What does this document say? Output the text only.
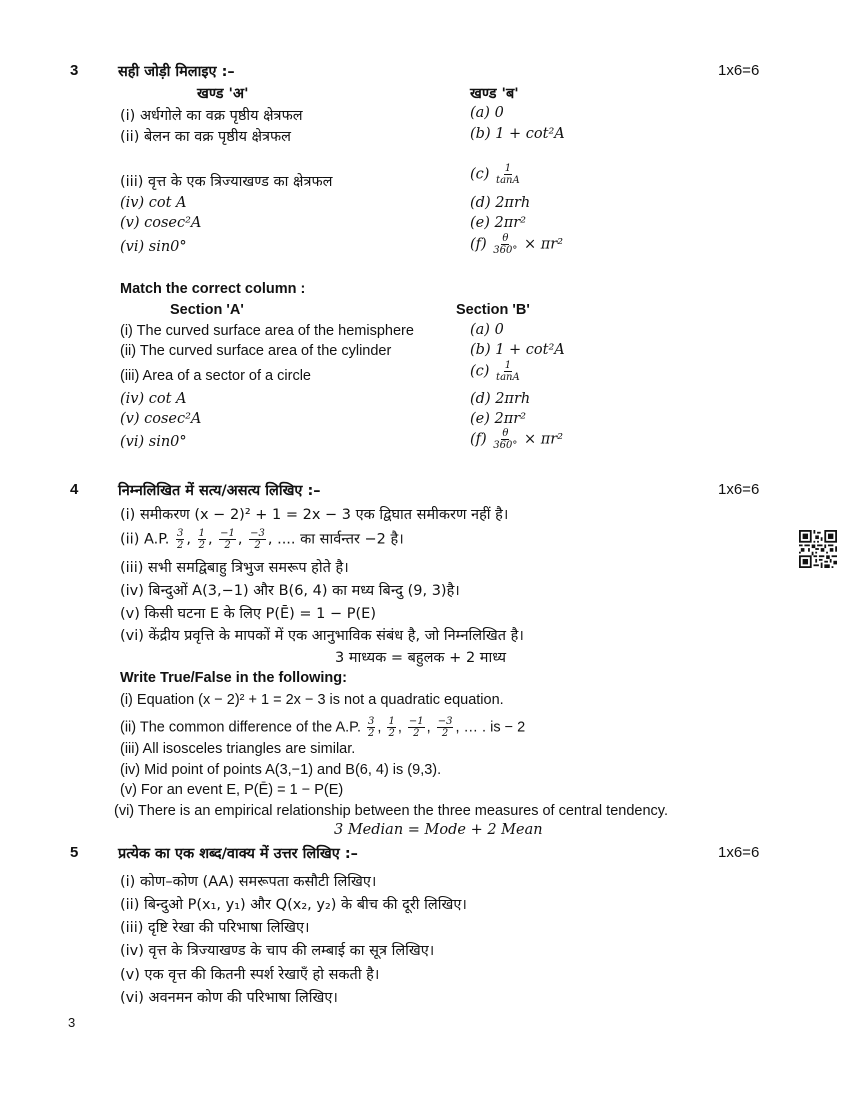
3	सही जोड़ी मिलाइए :–	1x6=6
खण्ड 'अ'	खण्ड 'ब'
(i) अर्धगोले का वक्र पृष्ठीय क्षेत्रफल	(a) 0
(ii) बेलन का वक्र पृष्ठीय क्षेत्रफल	(b) 1 + cot²A
(iii) वृत्त के एक त्रिज्याखण्ड का क्षेत्रफल	$(c) \frac{1}{\tan A}$
(iv) cot A	(d) 2πrh
(v) cosec²A	(e) 2πr²
(vi) sin0°	$(f) \frac{\theta}{360^\circ} \times \pi r^2$
Match the correct column :
Section 'A'	Section 'B'
(i) The curved surface area of the hemisphere	(a) 0
(ii) The curved surface area of the cylinder	(b) 1 + cot²A
(iii) Area of a sector of a circle	$(c) \frac{1}{\tan A}$
(iv) cot A	(d) 2πrh
(v) cosec²A	(e) 2πr²
(vi) sin0°	$(f) \frac{\theta}{360^\circ} \times \pi r^2$
4	निम्नलिखित में सत्य/असत्य लिखिए :–	1x6=6
(i) समीकरण (x − 2)² + 1 = 2x − 3 एक द्विघात समीकरण नहीं है।
(ii) A.P. $\frac{3}{2}$ , $\frac{1}{2}$ , $\frac{-1}{2}$ , $\frac{-3}{2}$ , .... का सार्वन्तर −2 है।
(iii) सभी समद्विबाहु त्रिभुज समरूप होते है।
(iv) बिन्दुओं A(3,−1) और B(6, 4) का मध्य बिन्दु (9, 3)है।
(v) किसी घटना E के लिए P(Ē) = 1 − P(E)
(vi) केंद्रीय प्रवृत्ति के मापकों में एक आनुभाविक संबंध है, जो निम्नलिखित है।
3 माध्यक = बहुलक + 2 माध्य
Write True/False in the following:
(i) Equation (x − 2)² + 1 = 2x − 3 is not a quadratic equation.
(ii) The common difference of the A.P. $\frac{3}{2}$ , $\frac{1}{2}$ , $\frac{-1}{2}$ , $\frac{-3}{2}$ , … . is − 2
(iii) All isosceles triangles are similar.
(iv) Mid point of points A(3,−1) and B(6, 4) is (9,3).
(v) For an event E, P(Ē) = 1 − P(E)
(vi) There is an empirical relationship between the three measures of central tendency.
3 Median = Mode + 2 Mean
5	प्रत्येक का एक शब्द/वाक्य में उत्तर लिखिए :–	1x6=6
(i) कोण–कोण (AA) समरूपता कसौटी लिखिए।
(ii) बिन्दुओ P(x₁, y₁) और Q(x₂, y₂) के बीच की दूरी लिखिए।
(iii) दृष्टि रेखा की परिभाषा लिखिए।
(iv) वृत्त के त्रिज्याखण्ड के चाप की लम्बाई का सूत्र लिखिए।
(v) एक वृत्त की कितनी स्पर्श रेखाएँ हो सकती है।
(vi) अवनमन कोण की परिभाषा लिखिए।
3
